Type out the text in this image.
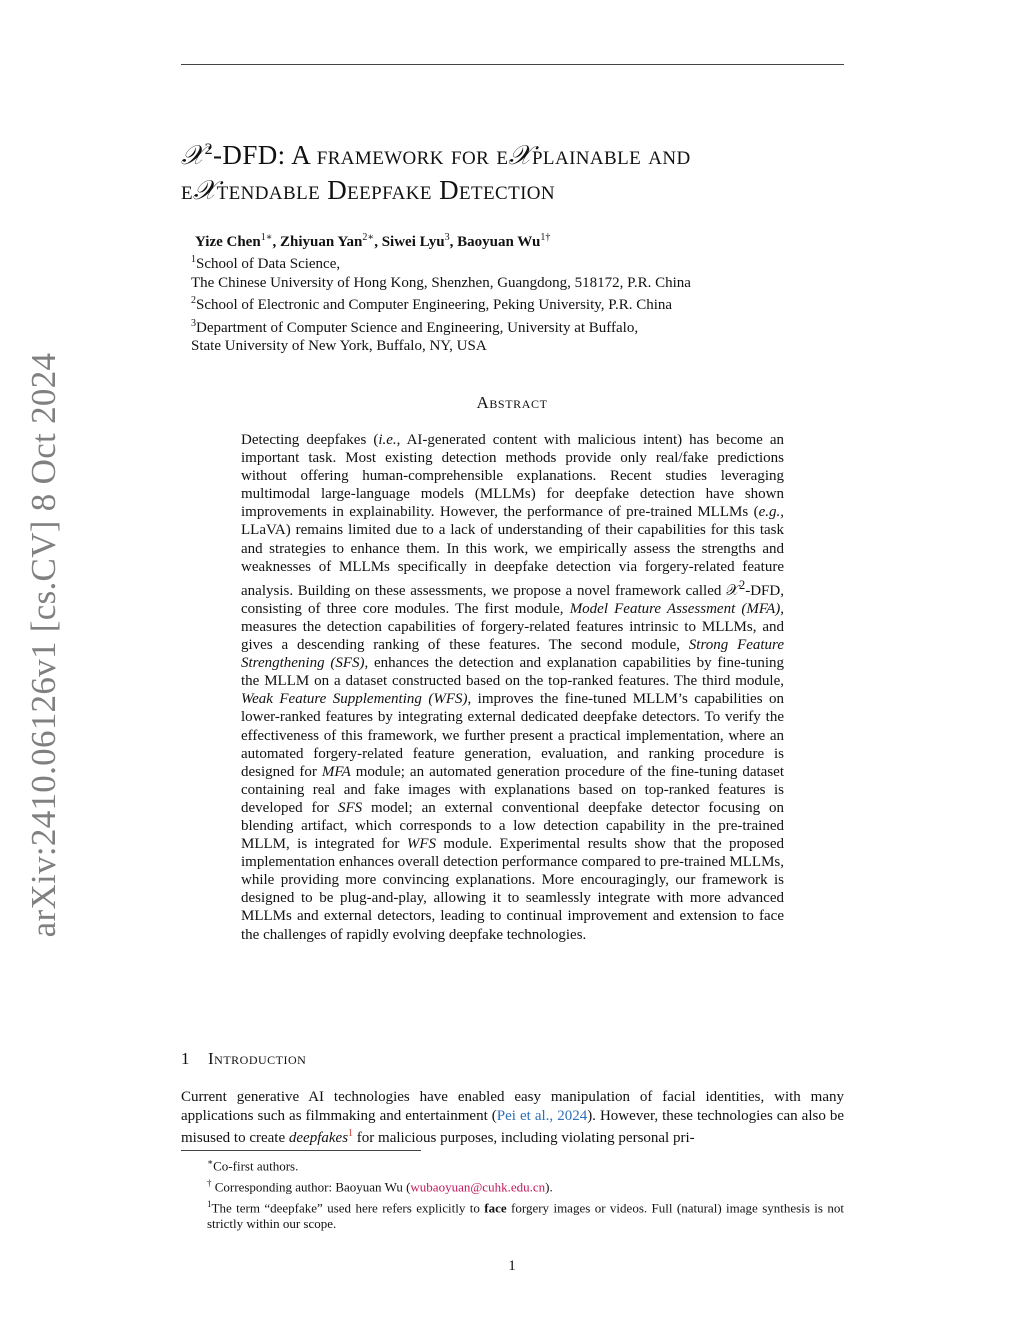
arXiv:2410.06126v1 [cs.CV] 8 Oct 2024
𝒳$^2$-DFD: A framework for e𝒳plainable and
e𝒳tendable Deepfake Detection
Yize Chen$^{1∗}$, Zhiyuan Yan$^{2∗}$, Siwei Lyu$^3$, Baoyuan $Wu^{1\dagger}$
$^1$School of Data Science,
The Chinese University of Hong Kong, Shenzhen, Guangdong, 518172, P.R. China
$^2$School of Electronic and Computer Engineering, Peking University, P.R. China
$^3$Department of Computer Science and Engineering, University at Buffalo,
State University of New York, Buffalo, NY, USA
Abstract
Detecting deepfakes (i.e., AI-generated content with malicious intent) has become an important task. Most existing detection methods provide only real/fake predictions without offering human-comprehensible explanations. Recent studies leveraging multimodal large-language models (MLLMs) for deepfake detection have shown improvements in explainability. However, the performance of pre-trained MLLMs (e.g., LLaVA) remains limited due to a lack of understanding of their capabilities for this task and strategies to enhance them. In this work, we empirically assess the strengths and weaknesses of MLLMs specifically in deepfake detection via forgery-related feature analysis. Building on these assessments, we propose a novel framework called 𝒳$^2$-DFD, consisting of three core modules. The first module, Model Feature Assessment (MFA), measures the detection capabilities of forgery-related features intrinsic to MLLMs, and gives a descending ranking of these features. The second module, Strong Feature Strengthening (SFS), enhances the detection and explanation capabilities by fine-tuning the MLLM on a dataset constructed based on the top-ranked features. The third module, Weak Feature Supplementing (WFS), improves the fine-tuned MLLM’s capabilities on lower-ranked features by integrating external dedicated deepfake detectors. To verify the effectiveness of this framework, we further present a practical implementation, where an automated forgery-related feature generation, evaluation, and ranking procedure is designed for MFA module; an automated generation procedure of the fine-tuning dataset containing real and fake images with explanations based on top-ranked features is developed for SFS model; an external conventional deepfake detector focusing on blending artifact, which corresponds to a low detection capability in the pre-trained MLLM, is integrated for WFS module. Experimental results show that the proposed implementation enhances overall detection performance compared to pre-trained MLLMs, while providing more convincing explanations. More encouragingly, our framework is designed to be plug-and-play, allowing it to seamlessly integrate with more advanced MLLMs and external detectors, leading to continual improvement and extension to face the challenges of rapidly evolving deepfake technologies.
1 Introduction
Current generative AI technologies have enabled easy manipulation of facial identities, with many applications such as filmmaking and entertainment (Pei et al., 2024). However, these technologies can also be misused to create deepfakes$^1$ for malicious purposes, including violating personal pri-

∗Co-first authors.

† Corresponding author: Baoyuan Wu (wubaoyuan@cuhk.edu.cn).

$^1$The term “deepfake” used here refers explicitly to face forgery images or videos. Full (natural) image synthesis is not strictly within our scope.

1
